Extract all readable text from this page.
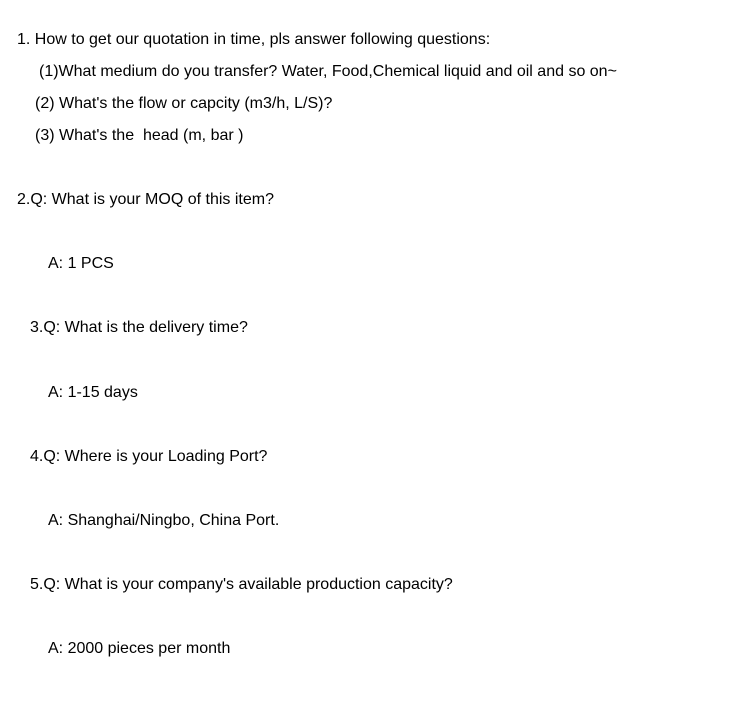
1. How to get our quotation in time, pls answer following questions:

(1)What medium do you transfer? Water, Food,Chemical liquid and oil and so on~

(2) What's the flow or capcity (m3/h, L/S)?

(3) What's the  head (m, bar )

2.Q: What is your MOQ of this item?

A: 1 PCS

3.Q: What is the delivery time?

A: 1-15 days

4.Q: Where is your Loading Port?

A: Shanghai/Ningbo, China Port.

5.Q: What is your company's available production capacity?

A: 2000 pieces per month
